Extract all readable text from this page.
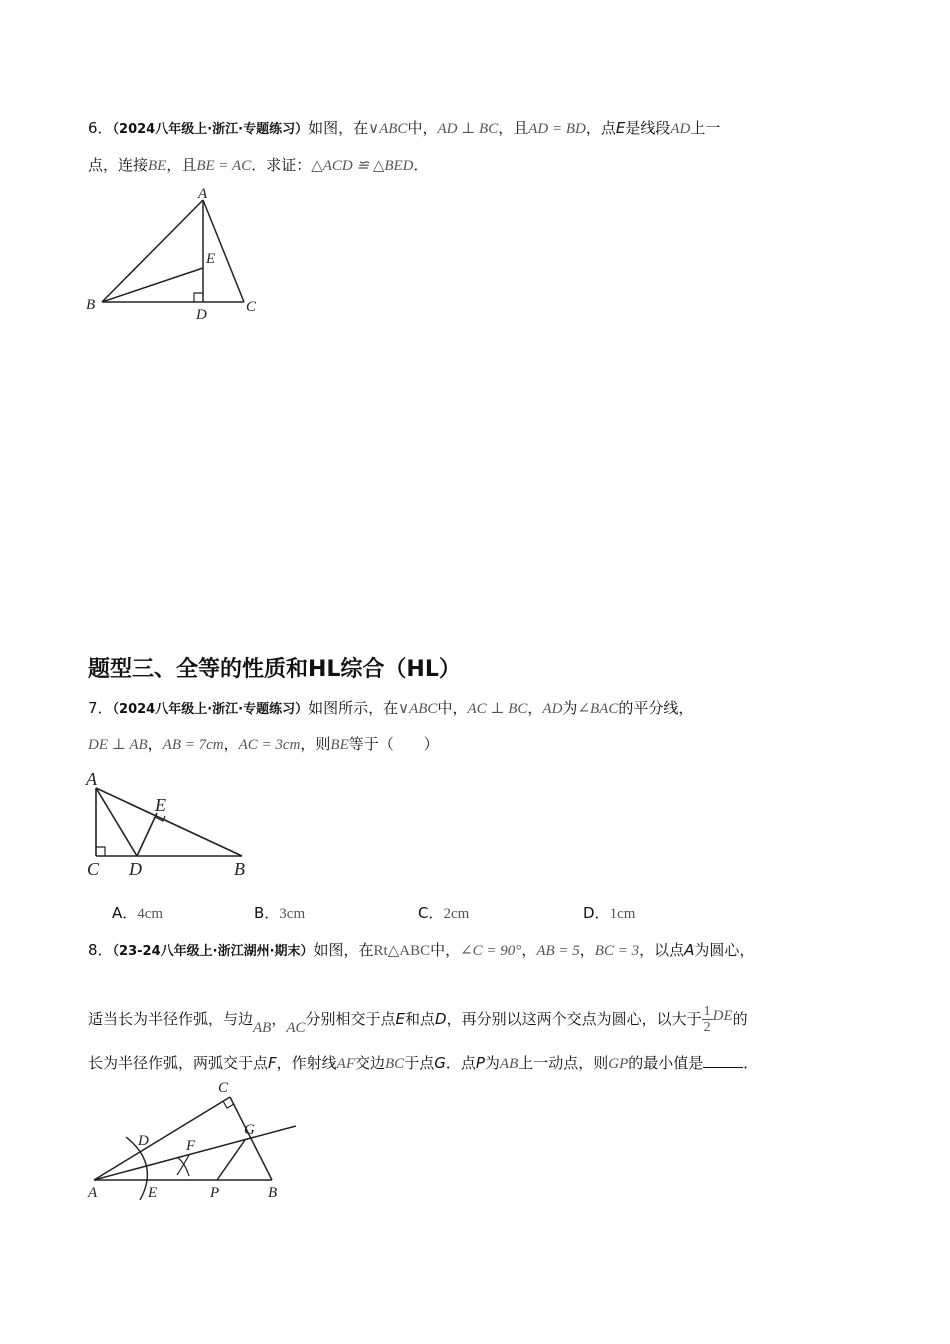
6．（2024八年级上·浙江·专题练习）如图，在∨ABC中，AD ⊥ BC，且AD = BD，点E是线段AD上一
点，连接BE，且BE = AC．求证：△ACD ≌ △BED．
A
B	C
D
E
题型三、全等的性质和HL综合（HL）
7．（2024八年级上·浙江·专题练习）如图所示，在∨ABC中，AC ⊥ BC，AD为∠BAC的平分线，
DE ⊥ AB，AB = 7cm，AC = 3cm，则BE等于（　　）
A
C D	B
E
A．4cm	B．3cm	C．2cm	D．1cm
8．（23-24八年级上·浙江湖州·期末）如图，在Rt△ABC中，∠C = 90°，AB = 5，BC = 3，以点A为圆心，
适当长为半径作弧，与边AB，AC分别相交于点E和点D，再分别以这两个交点为圆心，以大于 $\frac{1}{2}$ DE的
长为半径作弧，两弧交于点F，作射线AF交边BC于点G．点P为AB上一动点，则GP的最小值是	．
C
D F
G
A	E	P	B
